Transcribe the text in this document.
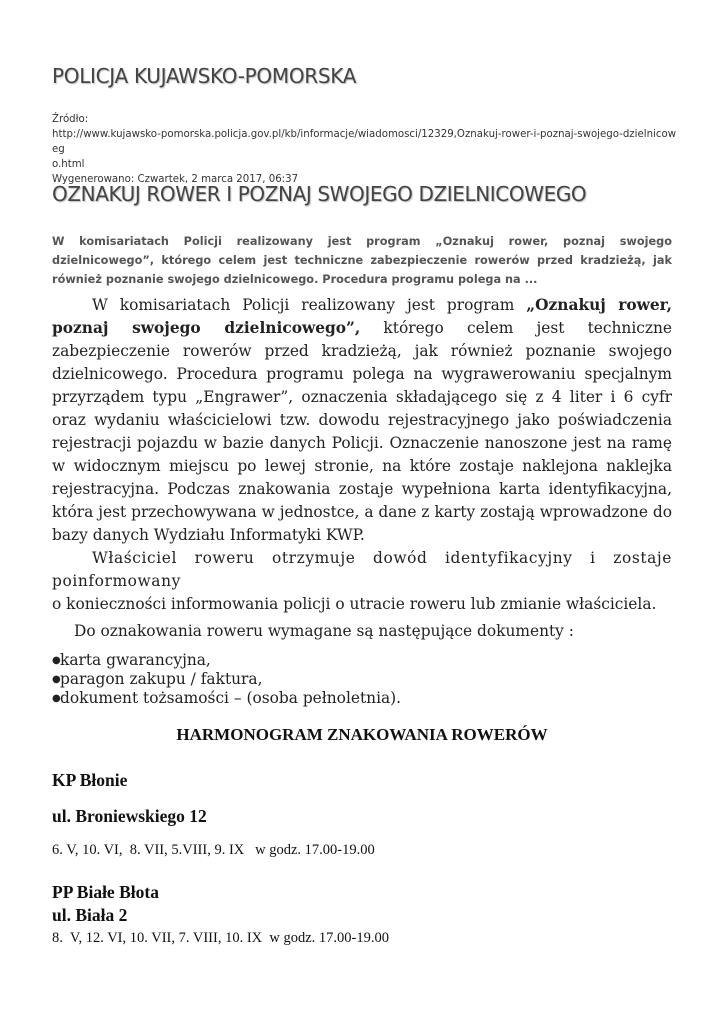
POLICJA KUJAWSKO-POMORSKA
Źródło:
http://www.kujawsko-pomorska.policja.gov.pl/kb/informacje/wiadomosci/12329,Oznakuj-rower-i-poznaj-swojego-dzielnicoweg
o.html
Wygenerowano: Czwartek, 2 marca 2017, 06:37
OZNAKUJ ROWER I POZNAJ SWOJEGO DZIELNICOWEGO

W komisariatach Policji realizowany jest program „Oznakuj rower, poznaj swojego dzielnicowego”, którego celem jest techniczne zabezpieczenie rowerów przed kradzieżą, jak również poznanie swojego dzielnicowego. Procedura programu polega na ...

W komisariatach Policji realizowany jest program „Oznakuj rower, poznaj swojego dzielnicowego”, którego celem jest techniczne zabezpieczenie rowerów przed kradzieżą, jak również poznanie swojego dzielnicowego. Procedura programu polega na wygrawerowaniu specjalnym przyrządem typu „Engrawer”, oznaczenia składającego się z 4 liter i 6 cyfr oraz wydaniu właścicielowi tzw. dowodu rejestracyjnego jako poświadczenia rejestracji pojazdu w bazie danych Policji. Oznaczenie nanoszone jest na ramę w widocznym miejscu po lewej stronie, na które zostaje naklejona naklejka rejestracyjna. Podczas znakowania zostaje wypełniona karta identyfikacyjna, która jest przechowywana w jednostce, a dane z karty zostają wprowadzone do bazy danych Wydziału Informatyki KWP.

Właściciel roweru otrzymuje dowód identyfikacyjny i zostaje poinformowany

o konieczności informowania policji o utracie roweru lub zmianie właściciela.

Do oznakowania roweru wymagane są następujące dokumenty :

● karta gwarancyjna,
● paragon zakupu / faktura,
● dokument tożsamości – (osoba pełnoletnia).
HARMONOGRAM ZNAKOWANIA ROWERÓW

KP Błonie

ul. Broniewskiego 12

6. V, 10. VI,  8. VII, 5.VIII, 9. IX   w godz. 17.00-19.00

PP Białe Błota

ul. Biała 2

8.  V, 12. VI, 10. VII, 7. VIII, 10. IX  w godz. 17.00-19.00
